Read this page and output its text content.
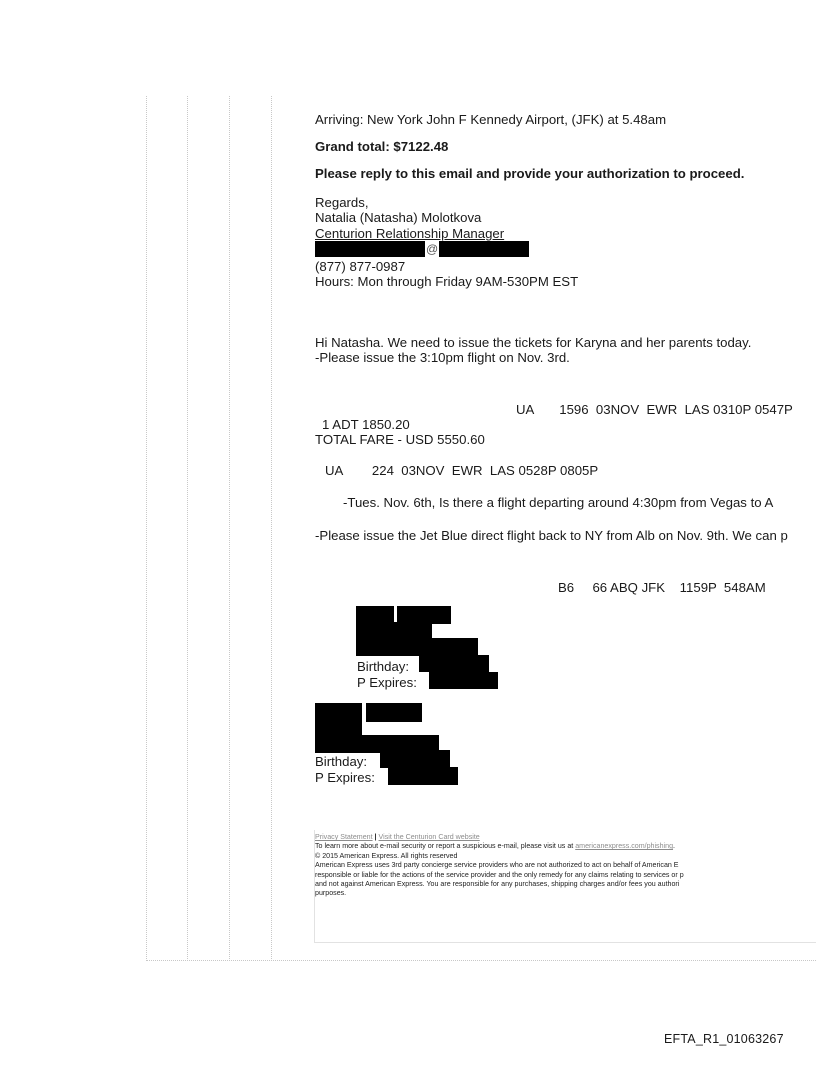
Arriving: New York John F Kennedy Airport, (JFK) at 5.48am
Grand total: $7122.48
Please reply to this email and provide your authorization to proceed.
Regards,
Natalia (Natasha) Molotkova
Centurion Relationship Manager
@
(877) 877-0987
Hours: Mon through Friday 9AM-530PM EST
Hi Natasha. We need to issue the tickets for Karyna and her parents today.
-Please issue the 3:10pm flight on Nov. 3rd.
UA       1596  03NOV  EWR  LAS 0310P 0547P
1 ADT 1850.20
TOTAL FARE - USD 5550.60
UA        224  03NOV  EWR  LAS 0528P 0805P
-Tues. Nov. 6th, Is there a flight departing around 4:30pm from Vegas to A
-Please issue the Jet Blue direct flight back to NY from Alb on Nov. 9th. We can p
B6     66 ABQ JFK    1159P  548AM
Birthday:
P Expires:
Birthday:
P Expires:
Privacy Statement | Visit the Centurion Card website
To learn more about e-mail security or report a suspicious e-mail, please visit us at americanexpress.com/phishing.
© 2015 American Express. All rights reserved
American Express uses 3rd party concierge service providers who are not authorized to act on behalf of American E
responsible or liable for the actions of the service provider and the only remedy for any claims relating to services or p
and not against American Express. You are responsible for any purchases, shipping charges and/or fees you authori
purposes.
EFTA_R1_01063267
